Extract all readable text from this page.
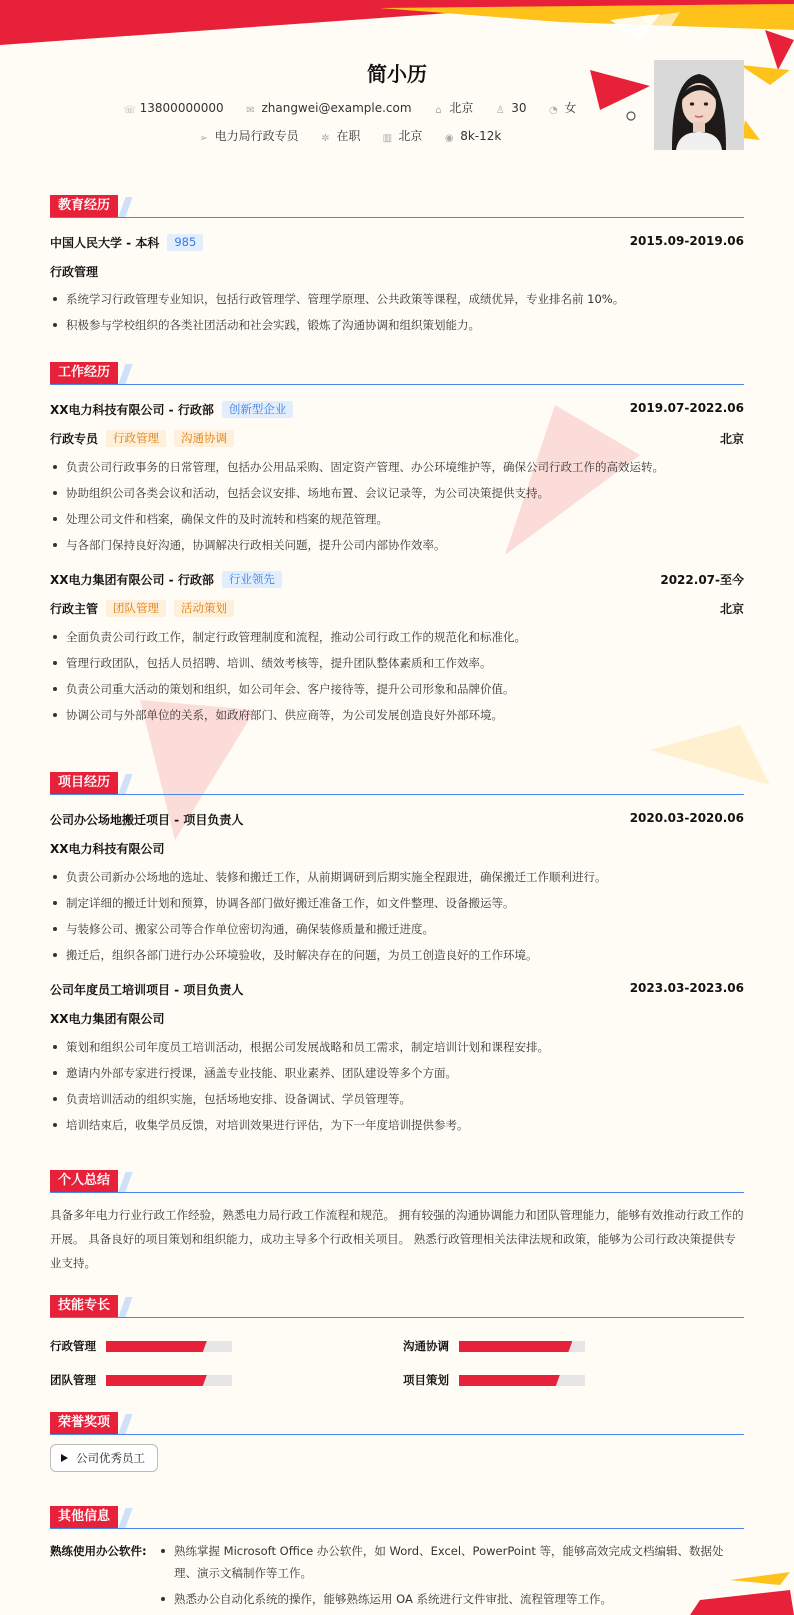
简小历
☏ 13800000000 ✉ zhangwei@example.com ⌂ 北京 ♙ 30 ◔ 女
➢ 电力局行政专员 ✲ 在职 ▥ 北京 ◉ 8k-12k
教育经历
中国人民大学 - 本科 985	2015.09-2019.06
行政管理
系统学习行政管理专业知识，包括行政管理学、管理学原理、公共政策等课程，成绩优异，专业排名前 10%。
积极参与学校组织的各类社团活动和社会实践，锻炼了沟通协调和组织策划能力。
工作经历
XX电力科技有限公司 - 行政部 创新型企业	2019.07-2022.06
行政专员 行政管理 沟通协调	北京
负责公司行政事务的日常管理，包括办公用品采购、固定资产管理、办公环境维护等，确保公司行政工作的高效运转。
协助组织公司各类会议和活动，包括会议安排、场地布置、会议记录等，为公司决策提供支持。
处理公司文件和档案，确保文件的及时流转和档案的规范管理。
与各部门保持良好沟通，协调解决行政相关问题，提升公司内部协作效率。
XX电力集团有限公司 - 行政部 行业领先	2022.07-至今
行政主管 团队管理 活动策划	北京
全面负责公司行政工作，制定行政管理制度和流程，推动公司行政工作的规范化和标准化。
管理行政团队，包括人员招聘、培训、绩效考核等，提升团队整体素质和工作效率。
负责公司重大活动的策划和组织，如公司年会、客户接待等，提升公司形象和品牌价值。
协调公司与外部单位的关系，如政府部门、供应商等，为公司发展创造良好外部环境。
项目经历
公司办公场地搬迁项目 - 项目负责人	2020.03-2020.06
XX电力科技有限公司
负责公司新办公场地的选址、装修和搬迁工作，从前期调研到后期实施全程跟进，确保搬迁工作顺利进行。
制定详细的搬迁计划和预算，协调各部门做好搬迁准备工作，如文件整理、设备搬运等。
与装修公司、搬家公司等合作单位密切沟通，确保装修质量和搬迁进度。
搬迁后，组织各部门进行办公环境验收，及时解决存在的问题，为员工创造良好的工作环境。
公司年度员工培训项目 - 项目负责人	2023.03-2023.06
XX电力集团有限公司
策划和组织公司年度员工培训活动，根据公司发展战略和员工需求，制定培训计划和课程安排。
邀请内外部专家进行授课，涵盖专业技能、职业素养、团队建设等多个方面。
负责培训活动的组织实施，包括场地安排、设备调试、学员管理等。
培训结束后，收集学员反馈，对培训效果进行评估，为下一年度培训提供参考。
个人总结
具备多年电力行业行政工作经验，熟悉电力局行政工作流程和规范。 拥有较强的沟通协调能力和团队管理能力，能够有效推动行政工作的开展。 具备良好的项目策划和组织能力，成功主导多个行政相关项目。 熟悉行政管理相关法律法规和政策，能够为公司行政决策提供专业支持。
技能专长
行政管理	沟通协调
团队管理	项目策划
荣誉奖项
公司优秀员工
其他信息
熟练使用办公软件:	熟练掌握 Microsoft Office 办公软件，如 Word、Excel、PowerPoint 等，能够高效完成文档编辑、数据处理、演示文稿制作等工作。
熟悉办公自动化系统的操作，能够熟练运用 OA 系统进行文件审批、流程管理等工作。
